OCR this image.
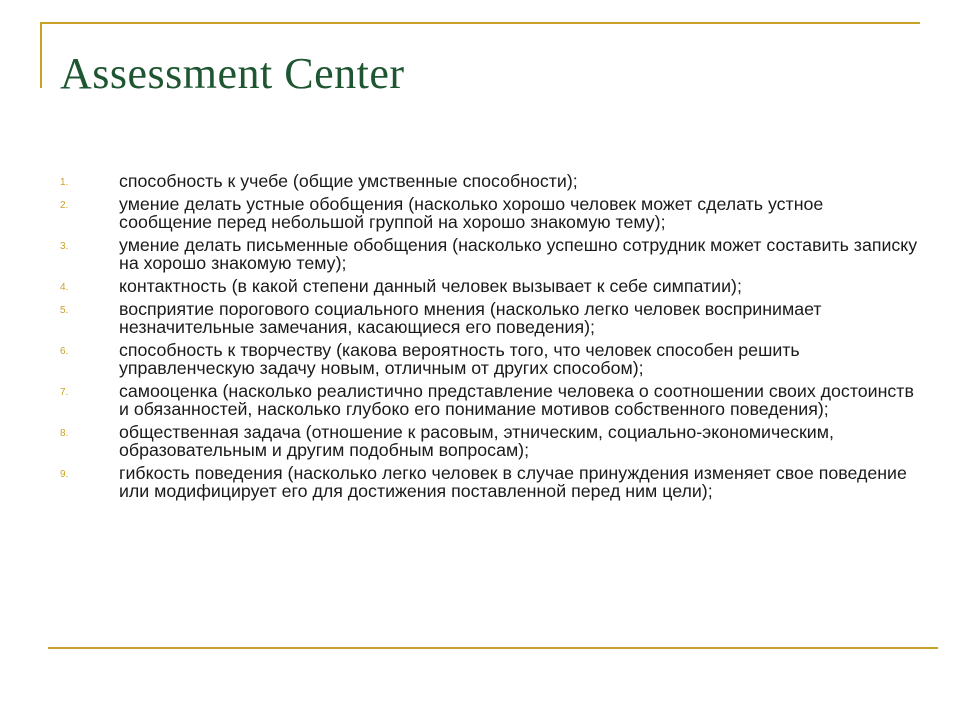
Assessment Center
1.	способность к учебе (общие умственные способности);
2.	умение делать устные обобщения (насколько хорошо человек может сделать устное сообщение перед небольшой группой на хорошо знакомую тему);
3.	умение делать письменные обобщения (насколько успешно сотрудник может составить записку на хорошо знакомую тему);
4.	контактность (в какой степени данный человек вызывает к себе симпатии);
5.	восприятие порогового социального мнения (насколько легко человек воспринимает незначительные замечания, касающиеся его поведения);
6.	способность к творчеству (какова вероятность того, что человек способен решить управленческую задачу новым, отличным от других способом);
7.	самооценка (насколько реалистично представление человека о соотношении своих достоинств и обязанностей, насколько глубоко его понимание мотивов собственного поведения);
8.	общественная задача (отношение к расовым, этническим, социально-экономическим, образовательным и другим подобным вопросам);
9.	гибкость поведения (насколько легко человек в случае принуждения изменяет свое поведение или модифицирует его для достижения поставленной перед ним цели);
